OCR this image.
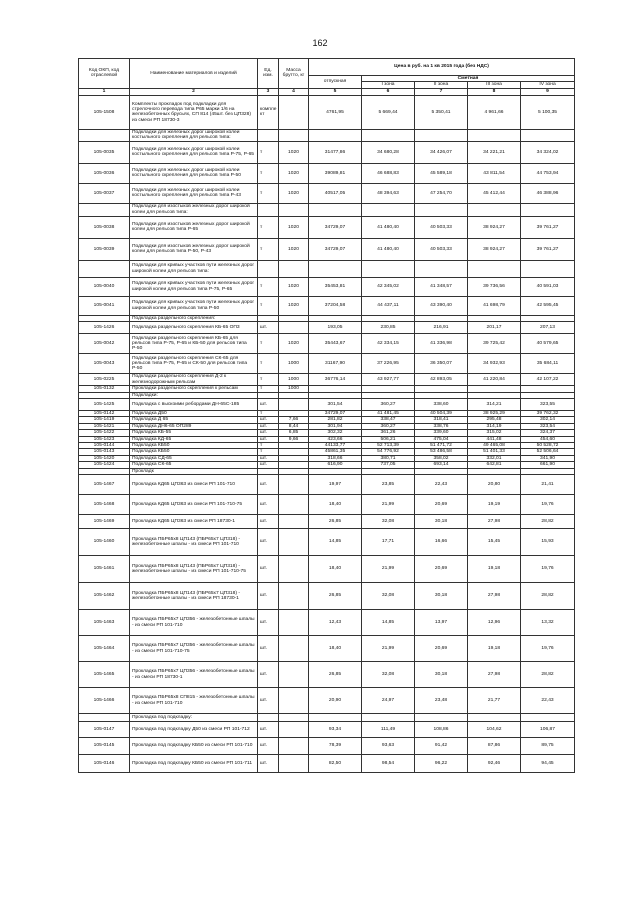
162
Код ОКП, код отраслевой	Наименование материалов и изделий	Ед. изм.	Масса брутто, кг	Цена в руб. на 1 кв 2015 года (без НДС)				
				отпускная	Сметная			
					I зона	II зона	III зона	IV зона
1	2	3	4	5	6	7	8	9
105-1508	Комплекты прокладок под подкладки для стрелочного перевода типа Р65 марки 1/6 на железобетонных брусьях, СП 814 (45шт. без ЦП328) из смеси РП 18730-3	компле кт		4761,95	5 669,44	5 350,41	4 961,66	5 100,35
	Подкладки для железных дорог широкой колеи костыльного скрепления для рельсов типа:							
105-0035	Подкладки для железных дорог широкой колеи костыльного скрепления для рельсов типа Р-75, Р-65	т	1020	31477,86	34 680,28	34 426,07	34 221,21	34 324,02
105-0036	Подкладки для железных дорог широкой колеи костыльного скрепления для рельсов типа Р-50	т	1020	39089,81	46 688,83	45 589,18	43 811,54	44 753,94
105-0037	Подкладки для железных дорог широкой колеи костыльного скрепления для рельсов типа Р-43	т	1020	40517,05	48 394,63	47 254,70	45 412,44	46 388,96
	Подкладки для изостыков железных дорог широкой колеи для рельсов типа:							
105-0038	Подкладки для изостыков железных дорог широкой колеи для рельсов типа Р-65	т	1020	34729,07	41 480,40	40 503,33	38 924,27	39 761,27
105-0039	Подкладки для изостыков железных дорог широкой колеи для рельсов типа Р-50, Р-43	т	1020	34729,07	41 480,40	40 503,33	38 924,27	39 761,27
	Подкладки для кривых участков пути железных дорог широкой колеи для рельсов типа:							
105-0040	Подкладки для кривых участков пути железных дорог широкой колеи для рельсов типа Р-75, Р-65	т	1020	35453,81	42 345,02	41 348,57	39 736,56	40 591,03
105-0041	Подкладки для кривых участков пути железных дорог широкой колеи для рельсов типа Р-50	т	1020	37204,58	44 437,11	43 390,40	41 698,79	42 595,45
	Подкладка раздельного скрепления:							
105-1426	Подкладка раздельного скрепления КБ-65 ОП3	шт.		193,05	230,85	216,91	201,17	207,13
105-0042	Подкладки раздельного скрепления КБ-65 для рельсов типа Р-75, Р-65 и КБ-50 для рельсов типа Р-50	т	1020	35443,67	42 334,15	41 336,98	39 725,42	40 579,65
105-0043	Подкладки раздельного скрепления СК-65 для рельсов типа Р-75, Р-65 и СК-50 для рельсов типа Р-50	т	1000	31167,90	37 226,95	36 350,07	34 932,93	35 684,11
105-0225	Подкладки раздельного скрепления Д-2 к железнодорожным рельсам	т	1000	36776,14	43 927,77	42 893,05	41 220,84	42 107,22
105-0132	Прокладки раздельного скрепления к рельсам	т	1000					
	Подкладки:							
105-1425	Подкладка с выскоими ребордами ДН-65С-185	шт.		301,54	360,27	338,60	314,21	323,55
105-0142	Подкладка Д50	т		34729,07	41 481,45	40 504,39	38 925,29	39 762,32
105-1419	Подкладка Д 65	шт.	7,66	281,82	338,47	318,41	295,48	302,14
105-1421	Подкладка ДН6-65 ОП289	шт.	8,44	301,94	360,27	338,76	314,19	323,54
105-1422	Подкладка КБ-55	шт.	6,85	302,32	361,26	339,60	315,02	324,37
105-1423	Подкладка КД-65	шт.	9,66	423,66	506,21	475,04	441,48	454,60
105-0144	Подкладка КБ50	т		44133,77	52 713,39	51 471,72	49 465,08	50 528,72
105-0143	Подкладка КБ50	т		45861,35	54 776,92	53 486,58	51 401,33	52 506,64
105-1420	Подкладка СД-65	шт.		318,66	380,71	358,02	332,01	341,90
105-1424	Подкладка СК-65	шт.		616,90	737,05	693,14	642,81	661,90
	Прокладк							
105-1467	Прокладка КД65 ЦП363 из смеси РП 101-710	шт.		19,97	23,85	22,43	20,80	21,41
105-1468	Прокладка КД65 ЦП363 из смеси РП 101-710-75	шт.		18,40	21,99	20,69	19,19	19,76
105-1469	Прокладка КД65 ЦП363 из смеси РП 18730-1	шт.		26,85	32,08	30,18	27,98	28,82
105-1460	Прокладка ПБР65х8 ЦП143 (ПБР65х7 ЦП318) - железобетонные шпалы - из смеси РП 101-710	шт.		14,85	17,71	16,66	15,45	15,93
105-1461	Прокладка ПБР65х8 ЦП143 (ПБР65х7 ЦП318) - железобетонные шпалы - из смеси РП 101-710-75	шт.		18,40	21,99	20,69	19,18	19,76
105-1462	Прокладка ПБР65х8 ЦП143 (ПБР65х7 ЦП318) - железобетонные шпалы - из смеси РП 18730-1	шт.		26,85	32,08	30,18	27,98	28,82
105-1463	Прокладка ПБР65х7 ЦП356 - железобетонные шпалы - из смеси РП 101-710	шт.		12,43	14,85	13,97	12,96	13,32
105-1464	Прокладка ПБР65х7 ЦП356 - железобетонные шпалы - из смеси РП 101-710-75	шт.		18,40	21,99	20,69	19,18	19,76
105-1465	Прокладка ПБР65х7 ЦП356 - железобетонные шпалы - из смеси РП 18730-1	шт.		26,85	32,08	30,18	27,98	28,82
105-1466	Прокладка ПБР65х8 СП815 - железобетонные шпалы - из смеси РП 101-710	шт.		20,90	24,97	23,48	21,77	22,43
	Прокладка под подкладку:							
105-0147	Прокладка под подкладку Д50 из смеси РП 101-712	шт.		93,34	111,49	108,86	104,62	106,87
105-0145	Прокладка под подкладку КБ50 из смеси РП 101-710	шт.		78,39	93,63	91,42	87,86	89,75
105-0146	Прокладка под подкладку КБ50 из смеси РП 101-711	шт.		82,50	98,54	96,22	92,46	94,45
